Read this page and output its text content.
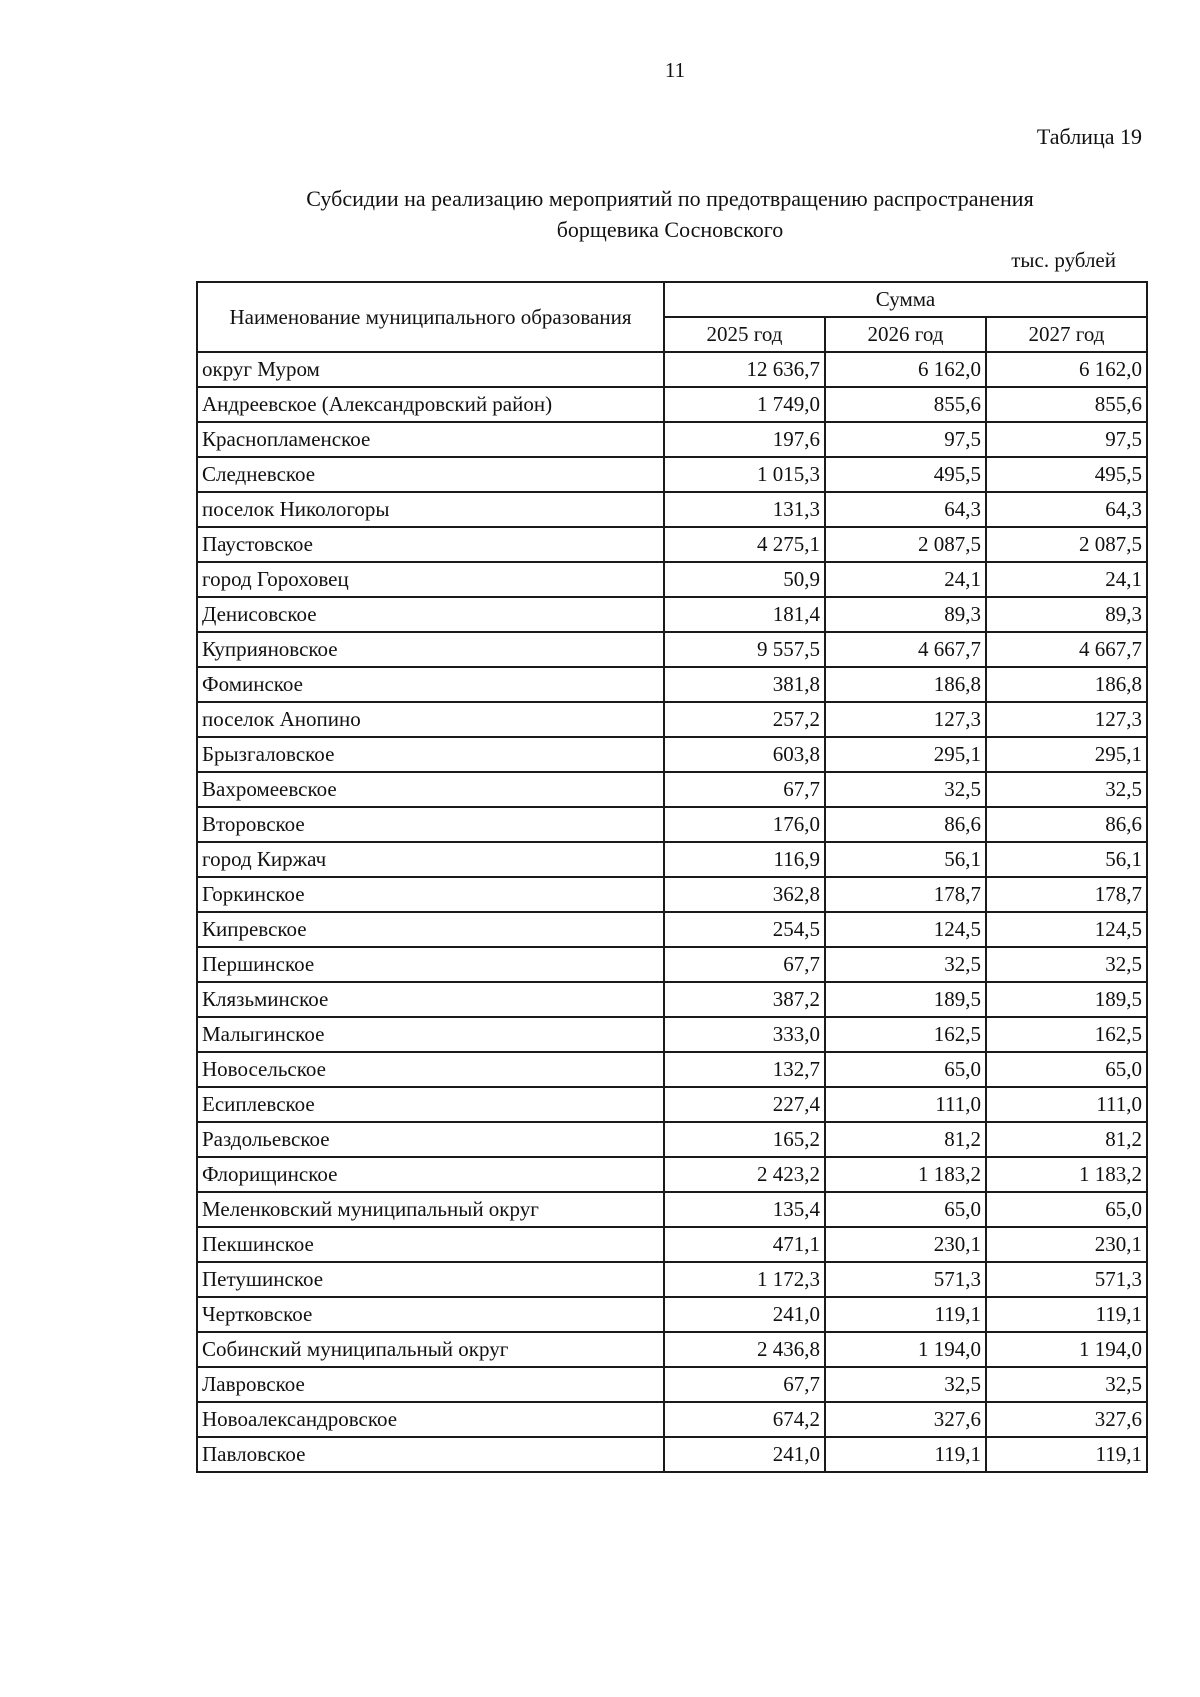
11
Таблица 19
Субсидии на реализацию мероприятий по предотвращению распространения
борщевика Сосновского
тыс. рублей
Наименование муниципального образования	Сумма		
	2025 год	2026 год	2027 год
округ Муром	12 636,7	6 162,0	6 162,0
Андреевское (Александровский район)	1 749,0	855,6	855,6
Краснопламенское	197,6	97,5	97,5
Следневское	1 015,3	495,5	495,5
поселок Никологоры	131,3	64,3	64,3
Паустовское	4 275,1	2 087,5	2 087,5
город Гороховец	50,9	24,1	24,1
Денисовское	181,4	89,3	89,3
Куприяновское	9 557,5	4 667,7	4 667,7
Фоминское	381,8	186,8	186,8
поселок Анопино	257,2	127,3	127,3
Брызгаловское	603,8	295,1	295,1
Вахромеевское	67,7	32,5	32,5
Второвское	176,0	86,6	86,6
город Киржач	116,9	56,1	56,1
Горкинское	362,8	178,7	178,7
Кипревское	254,5	124,5	124,5
Першинское	67,7	32,5	32,5
Клязьминское	387,2	189,5	189,5
Малыгинское	333,0	162,5	162,5
Новосельское	132,7	65,0	65,0
Есиплевское	227,4	111,0	111,0
Раздольевское	165,2	81,2	81,2
Флорищинское	2 423,2	1 183,2	1 183,2
Меленковский муниципальный округ	135,4	65,0	65,0
Пекшинское	471,1	230,1	230,1
Петушинское	1 172,3	571,3	571,3
Чертковское	241,0	119,1	119,1
Собинский муниципальный округ	2 436,8	1 194,0	1 194,0
Лавровское	67,7	32,5	32,5
Новоалександровское	674,2	327,6	327,6
Павловское	241,0	119,1	119,1
